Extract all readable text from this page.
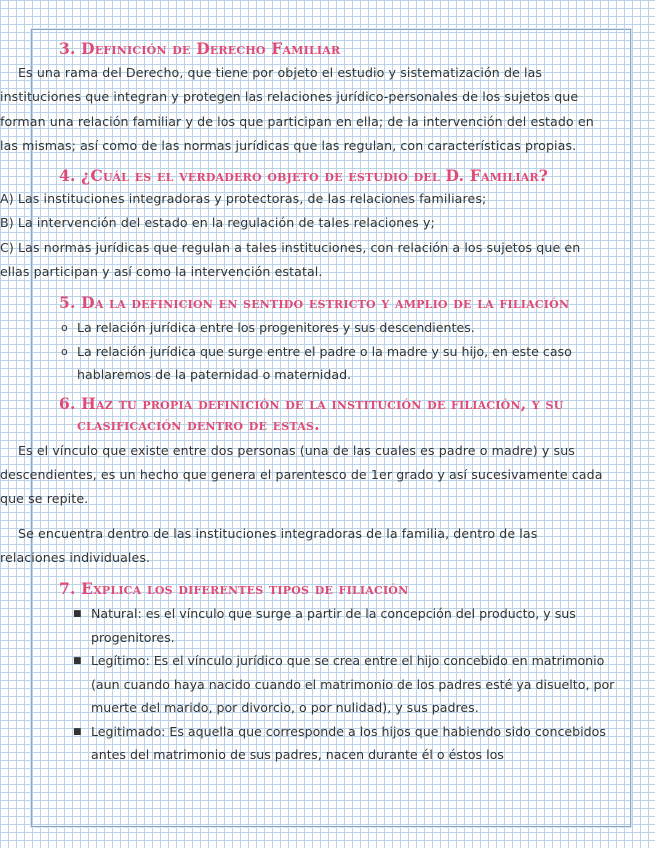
3. Definición de Derecho Familiar

Es una rama del Derecho, que tiene por objeto el estudio y sistematización de las instituciones que integran y protegen las relaciones jurídico-personales de los sujetos que forman una relación familiar y de los que participan en ella; de la intervención del estado en las mismas; así como de las normas jurídicas que las regulan, con características propias.

4. ¿Cuál es el verdadero objeto de estudio del D. Familiar?

A) Las instituciones integradoras y protectoras, de las relaciones familiares;

B) La intervención del estado en la regulación de tales relaciones y;

C) Las normas jurídicas que regulan a tales instituciones, con relación a los sujetos que en ellas participan y así como la intervención estatal.

5. Da la definicion en sentido estricto y amplio de la filiación
o La relación jurídica entre los progenitores y sus descendientes.
o La relación jurídica que surge entre el padre o la madre y su hijo, en este caso hablaremos de la paternidad o maternidad.
6. Haz tu propia definición de la institución de filiación, y su
clasificación dentro de estas.

Es el vínculo que existe entre dos personas (una de las cuales es padre o madre) y sus descendientes, es un hecho que genera el parentesco de 1er grado y así sucesivamente cada que se repite.

Se encuentra dentro de las instituciones integradoras de la familia, dentro de las relaciones individuales.

7. Explica los diferentes tipos de filiación
■ Natural: es el vínculo que surge a partir de la concepción del producto, y sus progenitores.
■ Legítimo: Es el vínculo jurídico que se crea entre el hijo concebido en matrimonio (aun cuando haya nacido cuando el matrimonio de los padres esté ya disuelto, por muerte del marido, por divorcio, o por nulidad), y sus padres.
■ Legitimado: Es aquella que corresponde a los hijos que habiendo sido concebidos antes del matrimonio de sus padres, nacen durante él o éstos los
